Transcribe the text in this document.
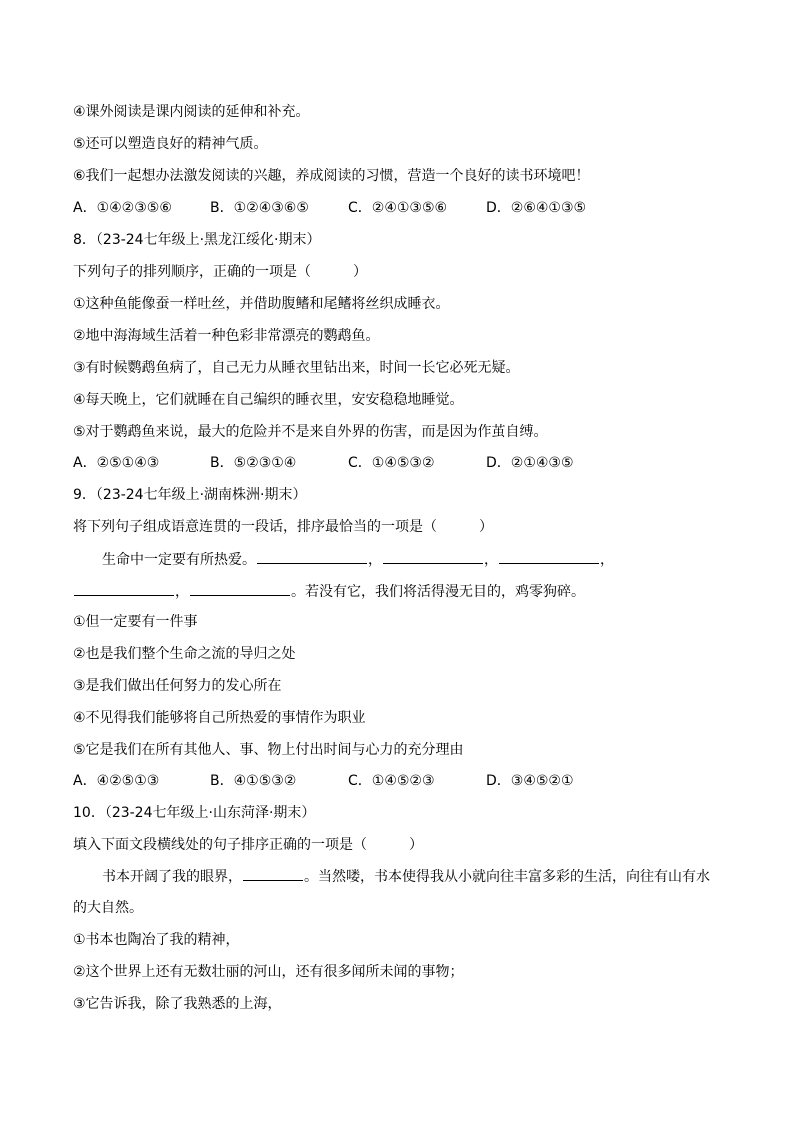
④课外阅读是课内阅读的延伸和补充。
⑤还可以塑造良好的精神气质。
⑥我们一起想办法激发阅读的兴趣，养成阅读的习惯，营造一个良好的读书环境吧！
A．①④②③⑤⑥	B．①②④③⑥⑤	C．②④①③⑤⑥	D．②⑥④①③⑤
8．（23-24七年级上·黑龙江绥化·期末）
下列句子的排列顺序，正确的一项是（　　　）
①这种鱼能像蚕一样吐丝，并借助腹鳍和尾鳍将丝织成睡衣。
②地中海海域生活着一种色彩非常漂亮的鹦鹉鱼。
③有时候鹦鹉鱼病了，自己无力从睡衣里钻出来，时间一长它必死无疑。
④每天晚上，它们就睡在自己编织的睡衣里，安安稳稳地睡觉。
⑤对于鹦鹉鱼来说，最大的危险并不是来自外界的伤害，而是因为作茧自缚。
A．②⑤①④③	B．⑤②③①④	C．①④⑤③②	D．②①④③⑤
9．（23-24七年级上·湖南株洲·期末）
将下列句子组成语意连贯的一段话，排序最恰当的一项是（　　　）
生命中一定要有所热爱。	，	，	，
，	。若没有它，我们将活得漫无目的，鸡零狗碎。
①但一定要有一件事
②也是我们整个生命之流的导归之处
③是我们做出任何努力的发心所在
④不见得我们能够将自己所热爱的事情作为职业
⑤它是我们在所有其他人、事、物上付出时间与心力的充分理由
A．④②⑤①③	B．④①⑤③②	C．①④⑤②③	D．③④⑤②①
10．（23-24七年级上·山东菏泽·期末）
填入下面文段横线处的句子排序正确的一项是（　　　）
书本开阔了我的眼界，	。当然喽，书本使得我从小就向往丰富多彩的生活，向往有山有水
的大自然。
①书本也陶冶了我的精神，
②这个世界上还有无数壮丽的河山，还有很多闻所未闻的事物；
③它告诉我，除了我熟悉的上海，
